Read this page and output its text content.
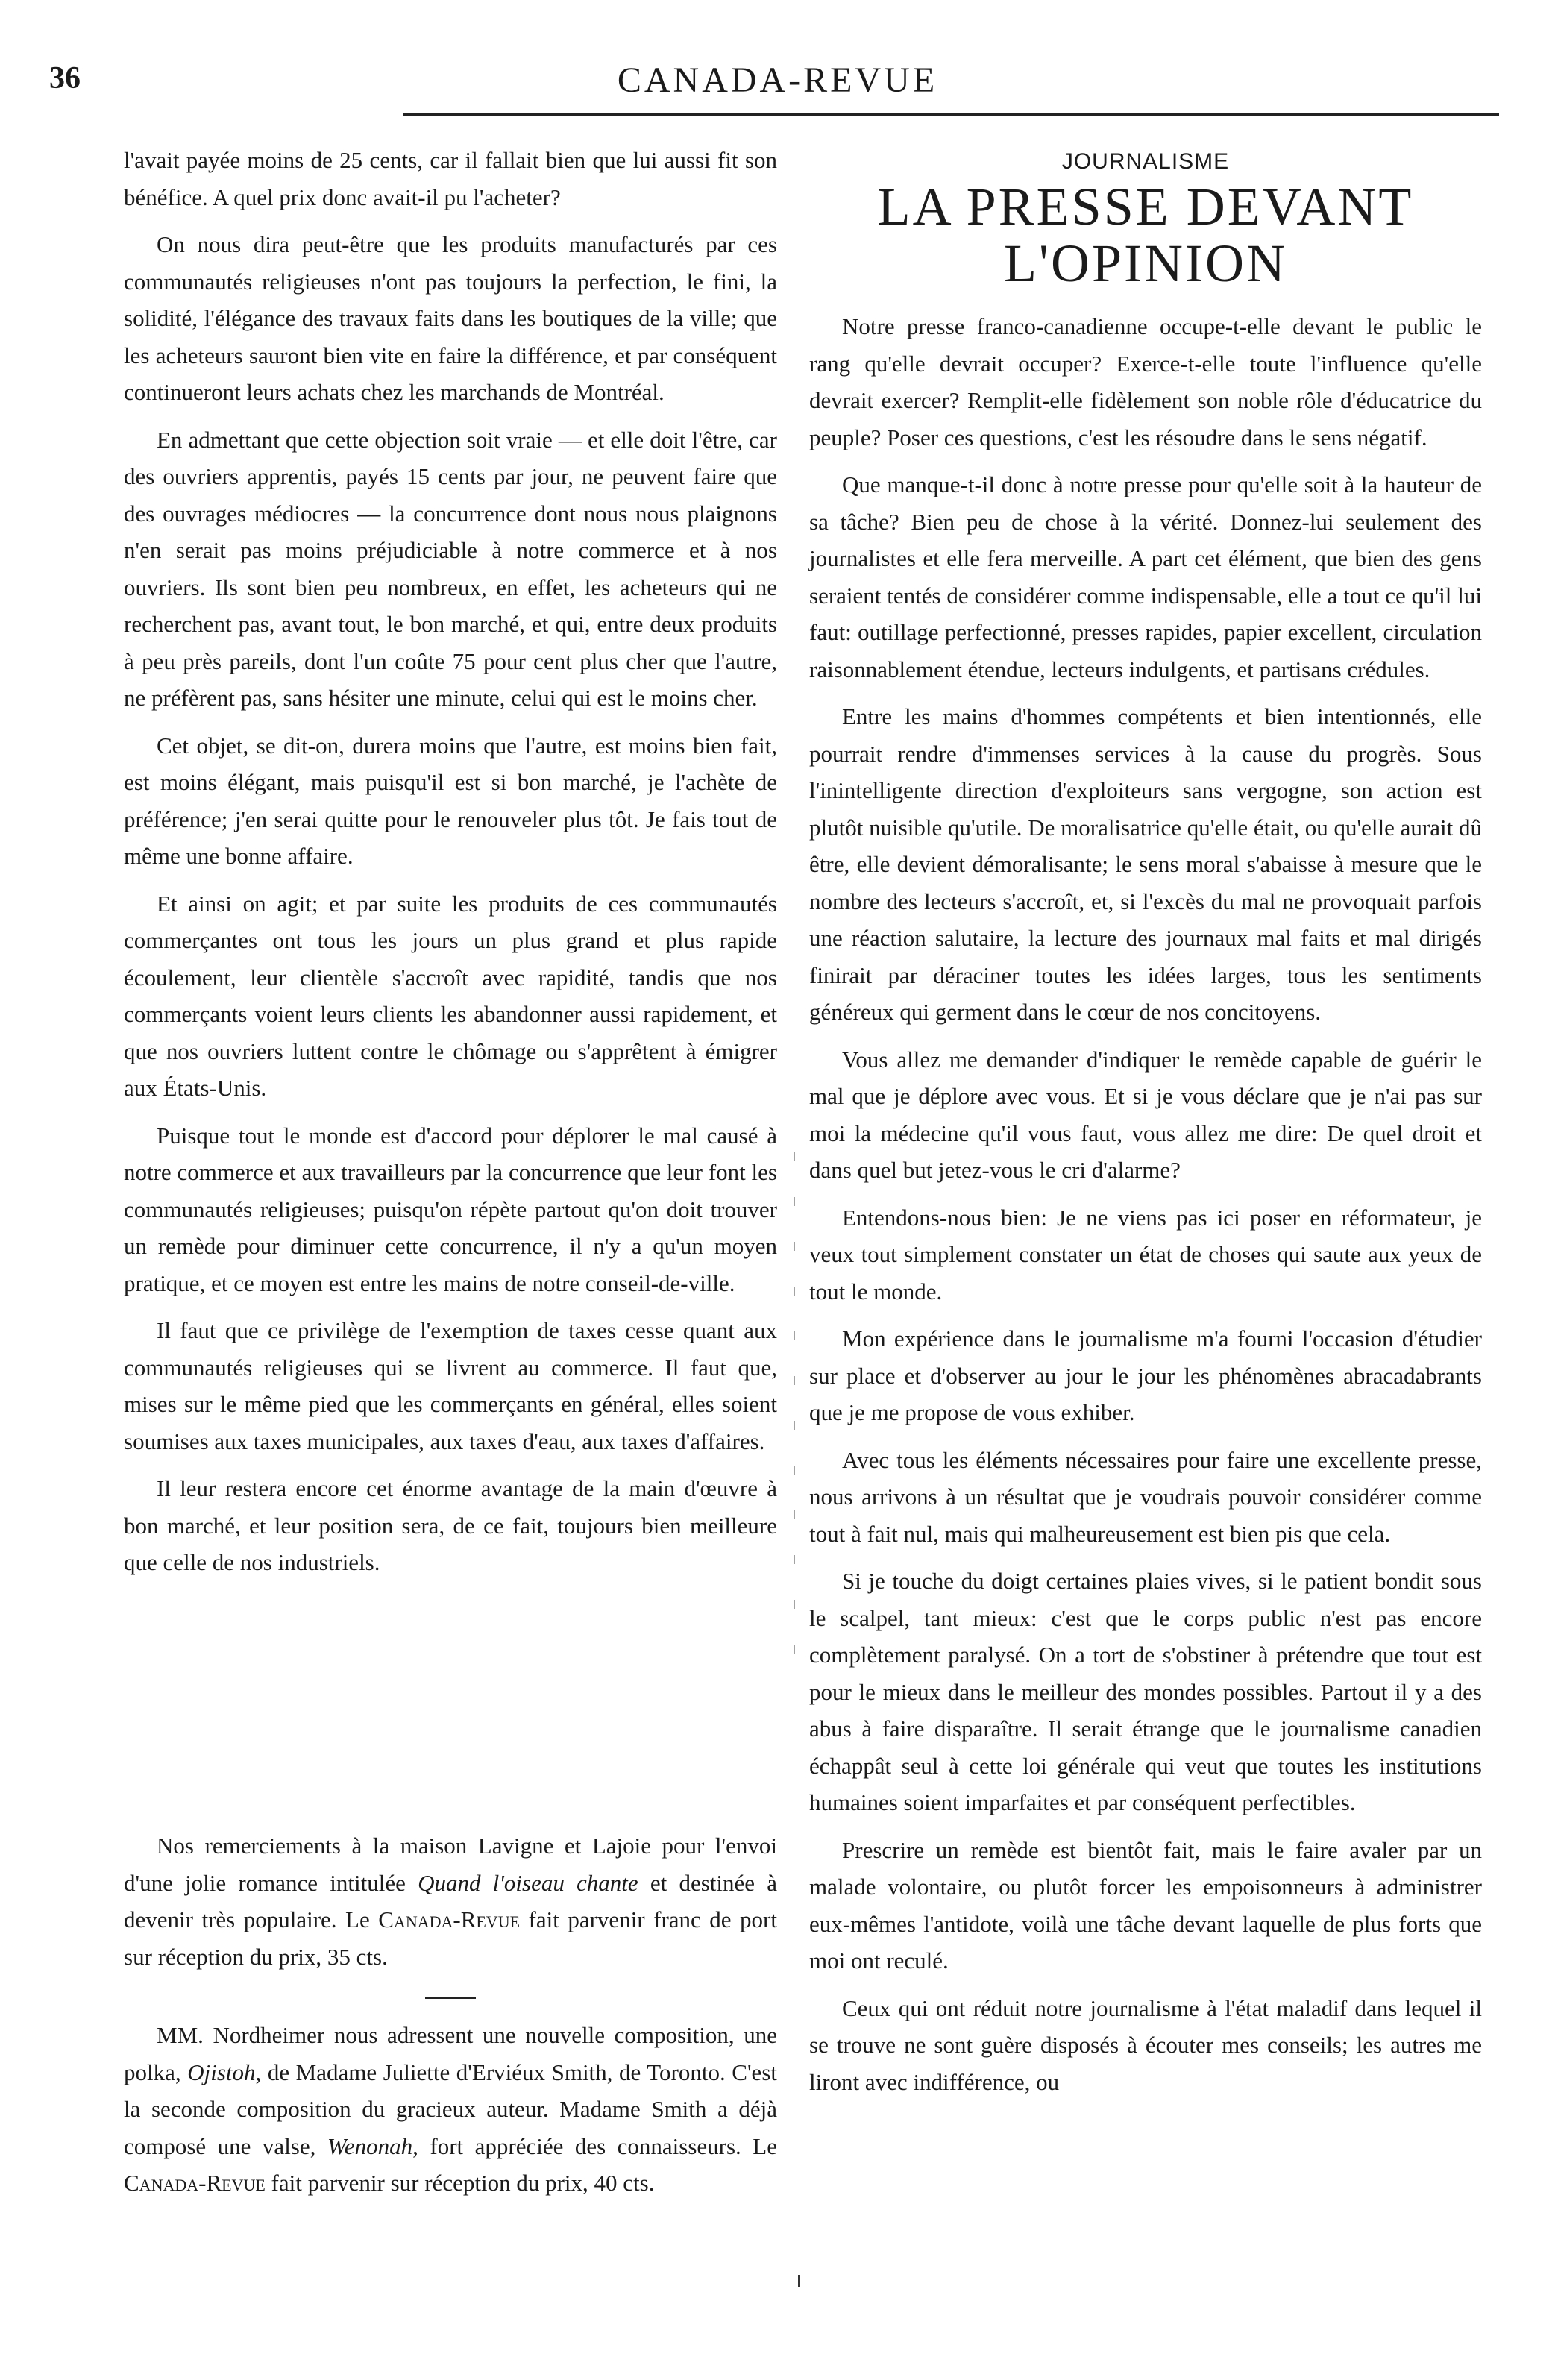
36	CANADA-REVUE

l'avait payée moins de 25 cents, car il fallait bien que lui aussi fit son bénéfice. A quel prix donc avait-il pu l'acheter?

On nous dira peut-être que les produits manufacturés par ces communautés religieuses n'ont pas toujours la perfection, le fini, la solidité, l'élégance des travaux faits dans les boutiques de la ville; que les acheteurs sauront bien vite en faire la différence, et par conséquent continueront leurs achats chez les marchands de Montréal.

En admettant que cette objection soit vraie — et elle doit l'être, car des ouvriers apprentis, payés 15 cents par jour, ne peuvent faire que des ouvrages médiocres — la concurrence dont nous nous plaignons n'en serait pas moins préjudiciable à notre commerce et à nos ouvriers. Ils sont bien peu nombreux, en effet, les acheteurs qui ne recherchent pas, avant tout, le bon marché, et qui, entre deux produits à peu près pareils, dont l'un coûte 75 pour cent plus cher que l'autre, ne préfèrent pas, sans hésiter une minute, celui qui est le moins cher.

Cet objet, se dit-on, durera moins que l'autre, est moins bien fait, est moins élégant, mais puisqu'il est si bon marché, je l'achète de préférence; j'en serai quitte pour le renouveler plus tôt. Je fais tout de même une bonne affaire.

Et ainsi on agit; et par suite les produits de ces communautés commerçantes ont tous les jours un plus grand et plus rapide écoulement, leur clientèle s'accroît avec rapidité, tandis que nos commerçants voient leurs clients les abandonner aussi rapidement, et que nos ouvriers luttent contre le chômage ou s'apprêtent à émigrer aux États-Unis.

Puisque tout le monde est d'accord pour déplorer le mal causé à notre commerce et aux travailleurs par la concurrence que leur font les communautés religieuses; puisqu'on répète partout qu'on doit trouver un remède pour diminuer cette concurrence, il n'y a qu'un moyen pratique, et ce moyen est entre les mains de notre conseil-de-ville.

Il faut que ce privilège de l'exemption de taxes cesse quant aux communautés religieuses qui se livrent au commerce. Il faut que, mises sur le même pied que les commerçants en général, elles soient soumises aux taxes municipales, aux taxes d'eau, aux taxes d'affaires.

Il leur restera encore cet énorme avantage de la main d'œuvre à bon marché, et leur position sera, de ce fait, toujours bien meilleure que celle de nos industriels.

Nos remerciements à la maison Lavigne et Lajoie pour l'envoi d'une jolie romance intitulée Quand l'oiseau chante et destinée à devenir très populaire. Le Canada-Revue fait parvenir franc de port sur réception du prix, 35 cts.

MM. Nordheimer nous adressent une nouvelle composition, une polka, Ojistoh, de Madame Juliette d'Erviéux Smith, de Toronto. C'est la seconde composition du gracieux auteur. Madame Smith a déjà composé une valse, Wenonah, fort appréciée des connaisseurs. Le Canada-Revue fait parvenir sur réception du prix, 40 cts.

JOURNALISME
LA PRESSE DEVANT L'OPINION

Notre presse franco-canadienne occupe-t-elle devant le public le rang qu'elle devrait occuper? Exerce-t-elle toute l'influence qu'elle devrait exercer? Remplit-elle fidèlement son noble rôle d'éducatrice du peuple? Poser ces questions, c'est les résoudre dans le sens négatif.

Que manque-t-il donc à notre presse pour qu'elle soit à la hauteur de sa tâche? Bien peu de chose à la vérité. Donnez-lui seulement des journalistes et elle fera merveille. A part cet élément, que bien des gens seraient tentés de considérer comme indispensable, elle a tout ce qu'il lui faut: outillage perfectionné, presses rapides, papier excellent, circulation raisonnablement étendue, lecteurs indulgents, et partisans crédules.

Entre les mains d'hommes compétents et bien intentionnés, elle pourrait rendre d'immenses services à la cause du progrès. Sous l'inintelligente direction d'exploiteurs sans vergogne, son action est plutôt nuisible qu'utile. De moralisatrice qu'elle était, ou qu'elle aurait dû être, elle devient démoralisante; le sens moral s'abaisse à mesure que le nombre des lecteurs s'accroît, et, si l'excès du mal ne provoquait parfois une réaction salutaire, la lecture des journaux mal faits et mal dirigés finirait par déraciner toutes les idées larges, tous les sentiments généreux qui germent dans le cœur de nos concitoyens.

Vous allez me demander d'indiquer le remède capable de guérir le mal que je déplore avec vous. Et si je vous déclare que je n'ai pas sur moi la médecine qu'il vous faut, vous allez me dire: De quel droit et dans quel but jetez-vous le cri d'alarme?

Entendons-nous bien: Je ne viens pas ici poser en réformateur, je veux tout simplement constater un état de choses qui saute aux yeux de tout le monde.

Mon expérience dans le journalisme m'a fourni l'occasion d'étudier sur place et d'observer au jour le jour les phénomènes abracadabrants que je me propose de vous exhiber.

Avec tous les éléments nécessaires pour faire une excellente presse, nous arrivons à un résultat que je voudrais pouvoir considérer comme tout à fait nul, mais qui malheureusement est bien pis que cela.

Si je touche du doigt certaines plaies vives, si le patient bondit sous le scalpel, tant mieux: c'est que le corps public n'est pas encore complètement paralysé. On a tort de s'obstiner à prétendre que tout est pour le mieux dans le meilleur des mondes possibles. Partout il y a des abus à faire disparaître. Il serait étrange que le journalisme canadien échappât seul à cette loi générale qui veut que toutes les institutions humaines soient imparfaites et par conséquent perfectibles.

Prescrire un remède est bientôt fait, mais le faire avaler par un malade volontaire, ou plutôt forcer les empoisonneurs à administrer eux-mêmes l'antidote, voilà une tâche devant laquelle de plus forts que moi ont reculé.

Ceux qui ont réduit notre journalisme à l'état maladif dans lequel il se trouve ne sont guère disposés à écouter mes conseils; les autres me liront avec indifférence, ou
